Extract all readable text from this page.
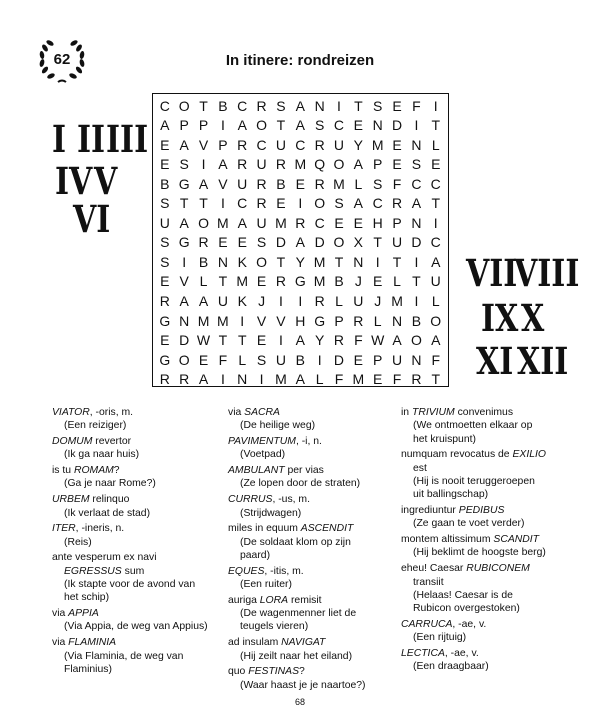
62	In itinere: rondreizen
I II III
IV V
VI
VII
VIII
IX X
XI XII
C O T B C R S A N I T S E F I
A P P I A O T A S C E N D I T
E A V P R C U C R U Y M E N L
E S I A R U R M Q O A P E S E
B G A V U R B E R M L S F C C
S T T I C R E I O S A C R A T
U A O M A U M R C E E H P N I
S G R E E S D A D O X T U D C
S I B N K O T Y M T N I T I A
E V L T M E R G M B J E L T U
R A A U K J I	I R L U J M I L
G N M M I V V H G P R L N B O
E D W T T E I A Y R F W A O A
G O E F L S U B I D E P U N F
R R A I N I M A L F M E F R T
VIATOR, -oris, m.
(Een reiziger)
DOMUM revertor
(Ik ga naar huis)
is tu ROMAM?
(Ga je naar Rome?)
URBEM relinquo
(Ik verlaat de stad)
ITER, -ineris, n.
(Reis)
ante vesperum ex navi
EGRESSUS sum
(Ik stapte voor de avond van
het schip)
via APPIA
(Via Appia, de weg van Appius)
via FLAMINIA
(Via Flaminia, de weg van
Flaminius)
via SACRA
(De heilige weg)
PAVIMENTUM, -i, n.
(Voetpad)
AMBULANT per vias
(Ze lopen door de straten)
CURRUS, -us, m.
(Strijdwagen)
miles in equum ASCENDIT
(De soldaat klom op zijn
paard)
EQUES, -itis, m.
(Een ruiter)
auriga LORA remisit
(De wagenmenner liet de
teugels vieren)
ad insulam NAVIGAT
(Hij zeilt naar het eiland)
quo FESTINAS?
(Waar haast je je naartoe?)
in TRIVIUM convenimus
(We ontmoetten elkaar op
het kruispunt)
numquam revocatus de EXILIO
est
(Hij is nooit teruggeroepen
uit ballingschap)
ingrediuntur PEDIBUS
(Ze gaan te voet verder)
montem altissimum SCANDIT
(Hij beklimt de hoogste berg)
eheu! Caesar RUBICONEM
transiit
(Helaas! Caesar is de
Rubicon overgestoken)
CARRUCA, -ae, v.
(Een rijtuig)
LECTICA, -ae, v.
(Een draagbaar)
68
